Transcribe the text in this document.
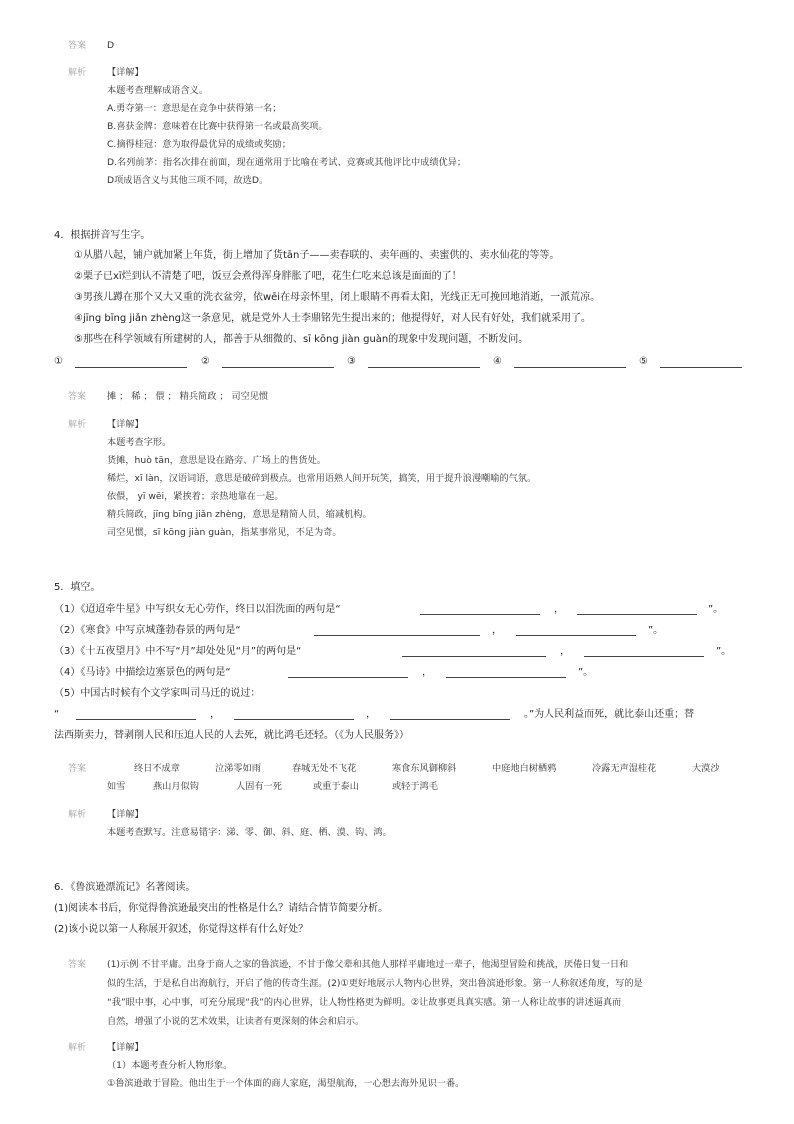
答案 D
解析 【详解】
本题考查理解成语含义。
A.勇夺第一：意思是在竞争中获得第一名；
B.喜获金牌：意味着在比赛中获得第一名或最高奖项。
C.摘得桂冠：意为取得最优异的成绩或奖励；
D.名列前茅：指名次排在前面，现在通常用于比喻在考试、竞赛或其他评比中成绩优异；
D项成语含义与其他三项不同，故选D。
4．根据拼音写生字。
①从腊八起，铺户就加紧上年货，街上增加了货tān子——卖春联的、卖年画的、卖蜜供的、卖水仙花的等等。
②栗子已xī烂到认不清楚了吧，饭豆会煮得浑身胖胀了吧，花生仁吃来总该是面面的了！
③男孩儿蹲在那个又大又重的洗衣盆旁，依wēi在母亲怀里，闭上眼睛不再看太阳，光线正无可挽回地消逝，一派荒凉。
④jīng bīng jiǎn zhèng这一条意见，就是党外人士李鼎铭先生提出来的；他提得好，对人民有好处，我们就采用了。
⑤那些在科学领域有所建树的人，都善于从细微的、sī kōng jiàn guàn的现象中发现问题，不断发问。
①	②	③	④	⑤
答案 摊 ； 稀 ； 偎 ； 精兵简政 ； 司空见惯
解析 【详解】
本题考查字形。
货摊，huò tān，意思是设在路旁、广场上的售货处。
稀烂，xī làn，汉语词语，意思是破碎到极点。也常用语熟人间开玩笑，搞笑，用于提升浪漫嘲喻的气氛。
依偎， yī wēi，紧挨着；亲热地靠在一起。
精兵简政，jīng bīng jiǎn zhèng，意思是精简人员，缩减机构。
司空见惯，sī kōng jiàn guàn，指某事常见，不足为奇。
5．填空。
（1）《迢迢牵牛星》中写织女无心劳作，终日以泪洗面的两句是“	，	”。
（2）《寒食》中写京城蓬勃春景的两句是“	，	”。
（3）《十五夜望月》中不写“月”却处处见“月”的两句是“	，	”。
（4）《马诗》中描绘边塞景色的两句是“	，	”。
（5）中国古时候有个文学家叫司马迁的说过：
“	，	，	。”为人民利益而死，就比泰山还重；替
法西斯卖力，替剥削人民和压迫人民的人去死，就比鸿毛还轻。（《为人民服务》）
答案	终日不成章	泣涕零如雨	春城无处不飞花	寒食东风御柳斜	中庭地白树栖鸦	冷露无声湿桂花	大漠沙
如雪	燕山月似钩	人固有一死	或重于泰山	或轻于鸿毛
解析 【详解】
本题考查默写。注意易错字：涕、零、御、斜、庭、栖、漠、钩、鸿。
6．《鲁滨逊漂流记》名著阅读。
(1)阅读本书后，你觉得鲁滨逊最突出的性格是什么？请结合情节简要分析。
(2)该小说以第一人称展开叙述，你觉得这样有什么好处？
答案 (1)示例 不甘平庸。出身于商人之家的鲁滨逊，不甘于像父辈和其他人那样平庸地过一辈子，他渴望冒险和挑战，厌倦日复一日和
似的生活，于是私自出海航行，开启了他的传奇生涯。(2)①更好地展示人物内心世界，突出鲁滨逊形象。第一人称叙述角度，写的是
“我”眼中事，心中事，可充分展现“我”的内心世界，让人物性格更为鲜明。②让故事更具真实感。第一人称让故事的讲述逼真而
自然，增强了小说的艺术效果，让读者有更深刻的体会和启示。
解析 【详解】
（1）本题考查分析人物形象。
①鲁滨逊敢于冒险。他出生于一个体面的商人家庭，渴望航海，一心想去海外见识一番。
